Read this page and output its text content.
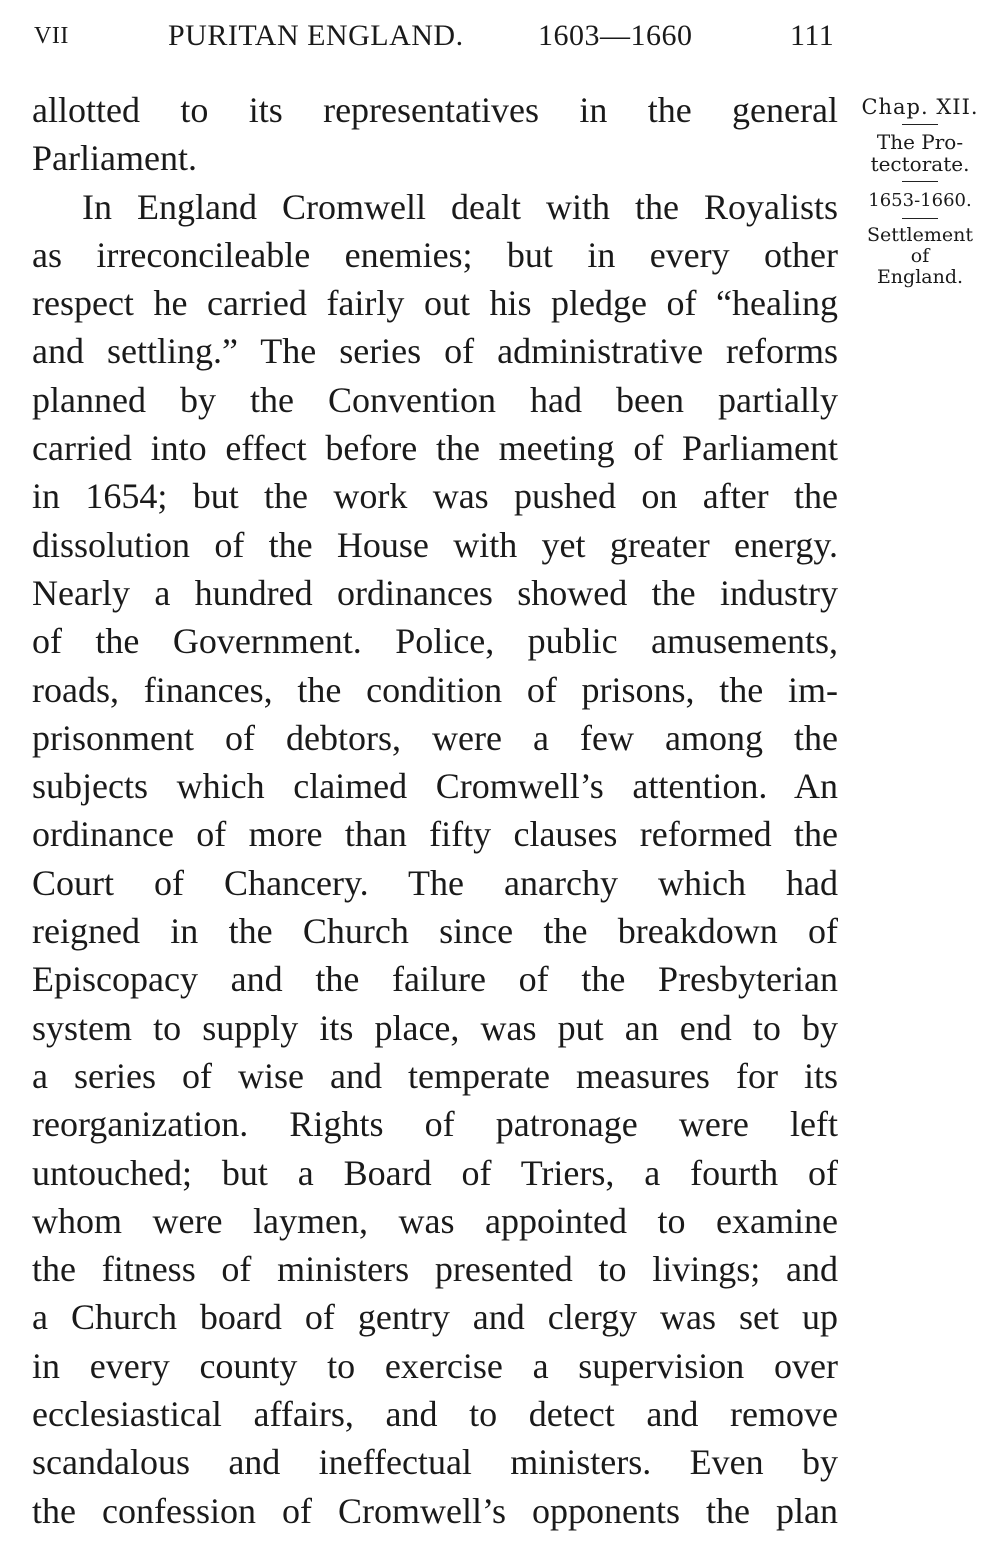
VII	PURITAN ENGLAND. 1603—1660	111
allotted to its representatives in the general
Parliament.
In England Cromwell dealt with the Royalists
as irreconcileable enemies; but in every other
respect he carried fairly out his pledge of “healing
and settling.” The series of administrative reforms
planned by the Convention had been partially
carried into effect before the meeting of Parliament
in 1654; but the work was pushed on after the
dissolution of the House with yet greater energy.
Nearly a hundred ordinances showed the industry
of the Government. Police, public amusements,
roads, finances, the condition of prisons, the im-
prisonment of debtors, were a few among the
subjects which claimed Cromwell’s attention. An
ordinance of more than fifty clauses reformed the
Court of Chancery. The anarchy which had
reigned in the Church since the breakdown of
Episcopacy and the failure of the Presbyterian
system to supply its place, was put an end to by
a series of wise and temperate measures for its
reorganization. Rights of patronage were left
untouched; but a Board of Triers, a fourth of
whom were laymen, was appointed to examine
the fitness of ministers presented to livings; and
a Church board of gentry and clergy was set up
in every county to exercise a supervision over
ecclesiastical affairs, and to detect and remove
scandalous and ineffectual ministers. Even by
the confession of Cromwell’s opponents the plan
Chap. XII.
The Pro-
tectorate.
1653-1660.
Settlement
of
England.
